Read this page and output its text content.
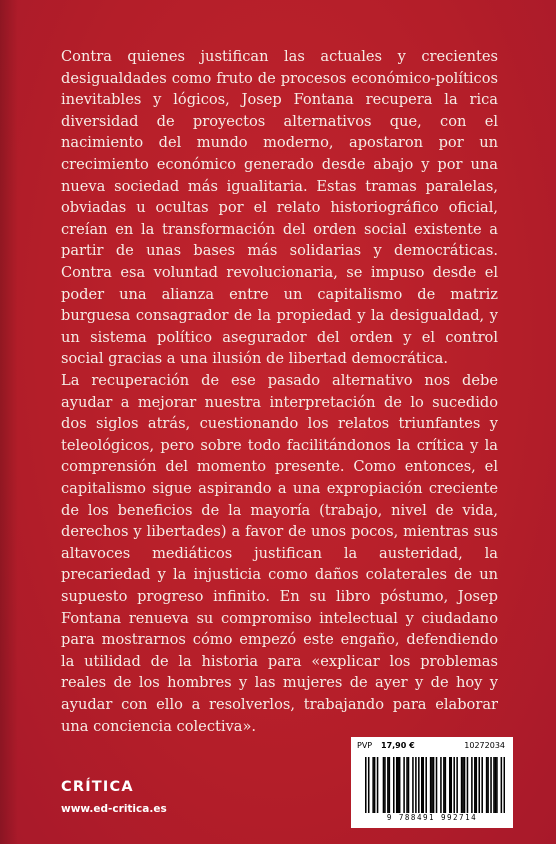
Contra quienes justifican las actuales y crecientes desigualdades como fruto de procesos económico-políticos inevitables y lógicos, Josep Fontana recupera la rica diversidad de proyectos alternativos que, con el nacimiento del mundo moderno, apostaron por un crecimiento económico generado desde abajo y por una nueva sociedad más igualitaria. Estas tramas paralelas, obviadas u ocultas por el relato historiográfico oficial, creían en la transformación del orden social existente a partir de unas bases más solidarias y democráticas. Contra esa voluntad revolucionaria, se impuso desde el poder una alianza entre un capitalismo de matriz burguesa consagrador de la propiedad y la desigualdad, y un sistema político asegurador del orden y el control social gracias a una ilusión de libertad democrática.

La recuperación de ese pasado alternativo nos debe ayudar a mejorar nuestra interpretación de lo sucedido dos siglos atrás, cuestionando los relatos triunfantes y teleológicos, pero sobre todo facilitándonos la crítica y la comprensión del momento presente. Como entonces, el capitalismo sigue aspirando a una expropiación creciente de los beneficios de la mayoría (trabajo, nivel de vida, derechos y libertades) a favor de unos pocos, mientras sus altavoces mediáticos justifican la austeridad, la precariedad y la injusticia como daños colaterales de un supuesto progreso infinito. En su libro póstumo, Josep Fontana renueva su compromiso intelectual y ciudadano para mostrarnos cómo empezó este engaño, defendiendo la utilidad de la historia para «explicar los problemas reales de los hombres y las mujeres de ayer y de hoy y ayudar con ello a resolverlos, trabajando para elaborar una conciencia colectiva».

CRÍTICA
www.ed-critica.es
PVP 17,90 €	10272034
9 788491 992714
